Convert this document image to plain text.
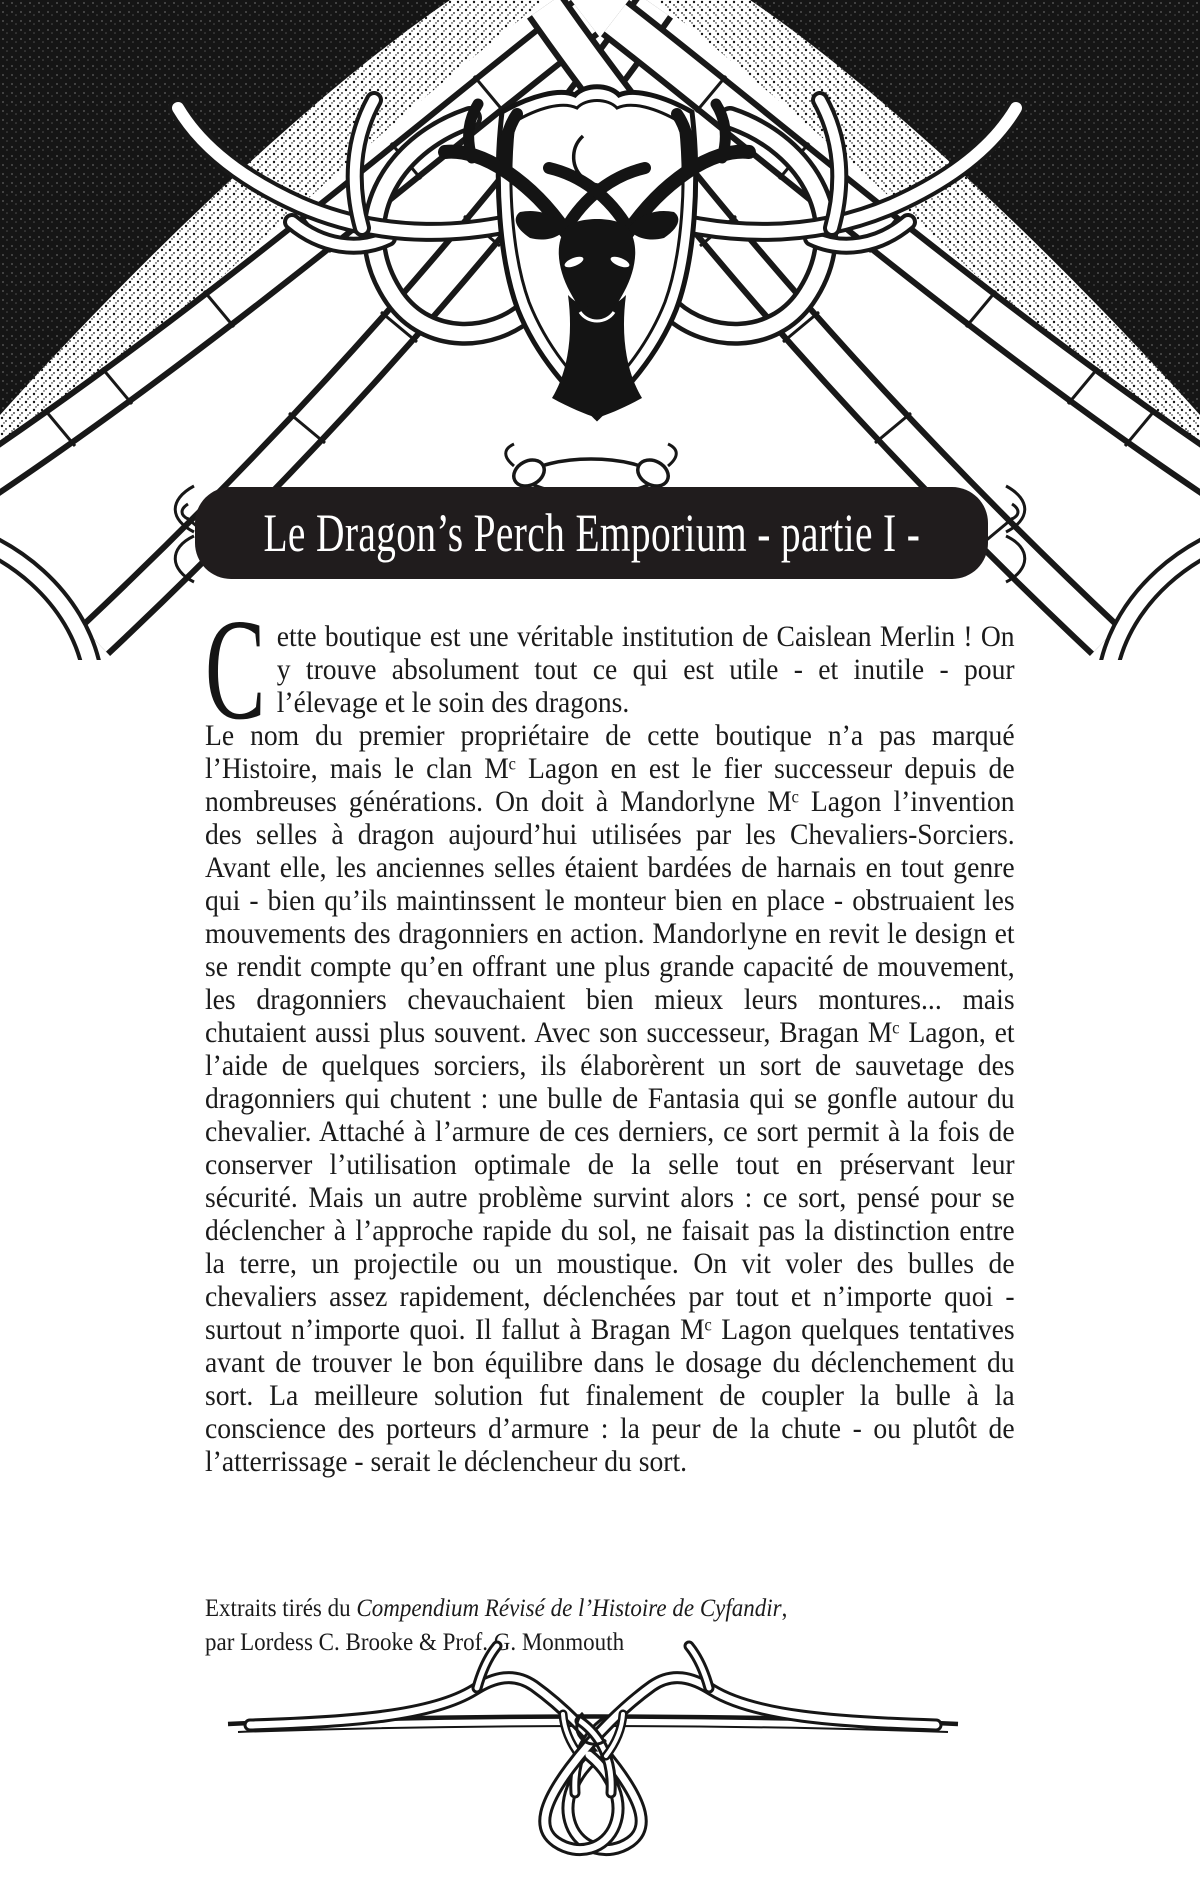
Le Dragon’s Perch Emporium - partie I -

Cette boutique est une véritable institution de Caislean Merlin ! On y trouve absolument tout ce qui est utile - et inutile - pour l’élevage et le soin des dragons.

Le nom du premier propriétaire de cette boutique n’a pas marqué l’Histoire, mais le clan Mᶜ Lagon en est le fier successeur depuis de nombreuses générations. On doit à Mandorlyne Mᶜ Lagon l’invention des selles à dragon aujourd’hui utilisées par les Chevaliers-Sorciers. Avant elle, les anciennes selles étaient bardées de harnais en tout genre qui - bien qu’ils maintinssent le monteur bien en place - obstruaient les mouvements des dragonniers en action. Mandorlyne en revit le design et se rendit compte qu’en offrant une plus grande capacité de mouvement, les dragonniers chevauchaient bien mieux leurs montures... mais chutaient aussi plus souvent. Avec son successeur, Bragan Mᶜ Lagon, et l’aide de quelques sorciers, ils élaborèrent un sort de sauvetage des dragonniers qui chutent : une bulle de Fantasia qui se gonfle autour du chevalier. Attaché à l’armure de ces derniers, ce sort permit à la fois de conserver l’utilisation optimale de la selle tout en préservant leur sécurité. Mais un autre problème survint alors : ce sort, pensé pour se déclencher à l’approche rapide du sol, ne faisait pas la distinction entre la terre, un projectile ou un moustique. On vit voler des bulles de chevaliers assez rapidement, déclenchées par tout et n’importe quoi - surtout n’importe quoi. Il fallut à Bragan Mᶜ Lagon quelques tentatives avant de trouver le bon équilibre dans le dosage du déclenchement du sort. La meilleure solution fut finalement de coupler la bulle à la conscience des porteurs d’armure : la peur de la chute - ou plutôt de l’atterrissage - serait le déclencheur du sort.

Extraits tirés du Compendium Révisé de l’Histoire de Cyfandir,
par Lordess C. Brooke & Prof. G. Monmouth
